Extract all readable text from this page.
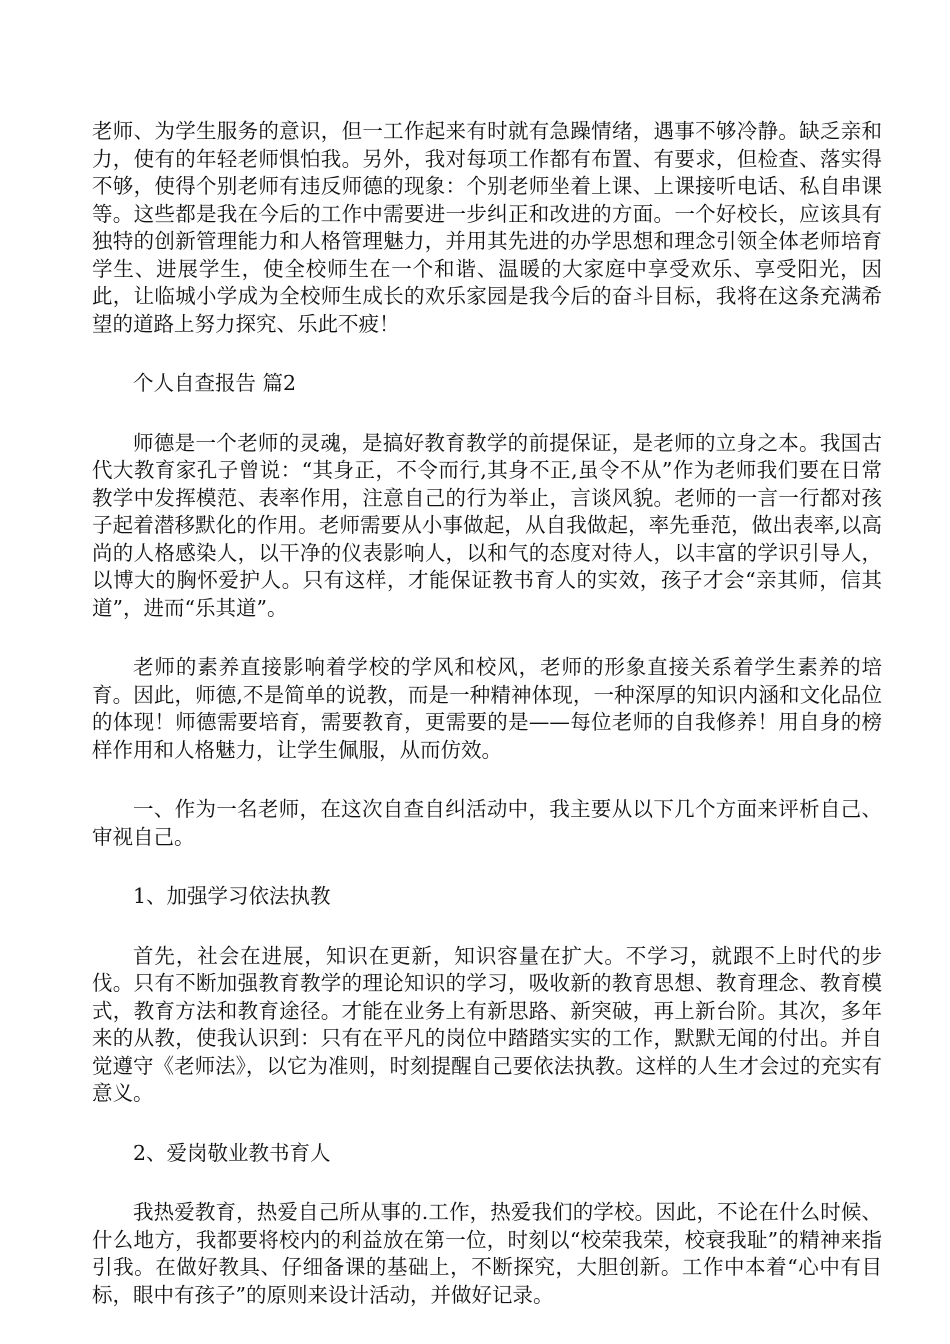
老师、为学生服务的意识，但一工作起来有时就有急躁情绪，遇事不够冷静。缺乏亲和力，使有的年轻老师惧怕我。另外，我对每项工作都有布置、有要求，但检查、落实得不够，使得个别老师有违反师德的现象：个别老师坐着上课、上课接听电话、私自串课等。这些都是我在今后的工作中需要进一步纠正和改进的方面。一个好校长，应该具有独特的创新管理能力和人格管理魅力，并用其先进的办学思想和理念引领全体老师培育学生、进展学生，使全校师生在一个和谐、温暖的大家庭中享受欢乐、享受阳光，因此，让临城小学成为全校师生成长的欢乐家园是我今后的奋斗目标，我将在这条充满希望的道路上努力探究、乐此不疲！

个人自查报告 篇2

师德是一个老师的灵魂，是搞好教育教学的前提保证，是老师的立身之本。我国古代大教育家孔子曾说：“其身正，不令而行,其身不正,虽令不从”作为老师我们要在日常教学中发挥模范、表率作用，注意自己的行为举止，言谈风貌。老师的一言一行都对孩子起着潜移默化的作用。老师需要从小事做起，从自我做起，率先垂范，做出表率,以高尚的人格感染人，以干净的仪表影响人，以和气的态度对待人，以丰富的学识引导人，以博大的胸怀爱护人。只有这样，才能保证教书育人的实效，孩子才会“亲其师，信其道”，进而“乐其道”。

老师的素养直接影响着学校的学风和校风，老师的形象直接关系着学生素养的培育。因此，师德,不是简单的说教，而是一种精神体现，一种深厚的知识内涵和文化品位的体现！师德需要培育，需要教育，更需要的是——每位老师的自我修养！用自身的榜样作用和人格魅力，让学生佩服，从而仿效。

一、作为一名老师，在这次自查自纠活动中，我主要从以下几个方面来评析自己、审视自己。

1、加强学习依法执教

首先，社会在进展，知识在更新，知识容量在扩大。不学习，就跟不上时代的步伐。只有不断加强教育教学的理论知识的学习，吸收新的教育思想、教育理念、教育模式，教育方法和教育途径。才能在业务上有新思路、新突破，再上新台阶。其次，多年来的从教，使我认识到：只有在平凡的岗位中踏踏实实的工作，默默无闻的付出。并自觉遵守《老师法》，以它为准则，时刻提醒自己要依法执教。这样的人生才会过的充实有意义。

2、爱岗敬业教书育人

我热爱教育，热爱自己所从事的.工作，热爱我们的学校。因此，不论在什么时候、什么地方，我都要将校内的利益放在第一位，时刻以“校荣我荣，校衰我耻”的精神来指引我。在做好教具、仔细备课的基础上，不断探究，大胆创新。工作中本着“心中有目标，眼中有孩子”的原则来设计活动，并做好记录。
